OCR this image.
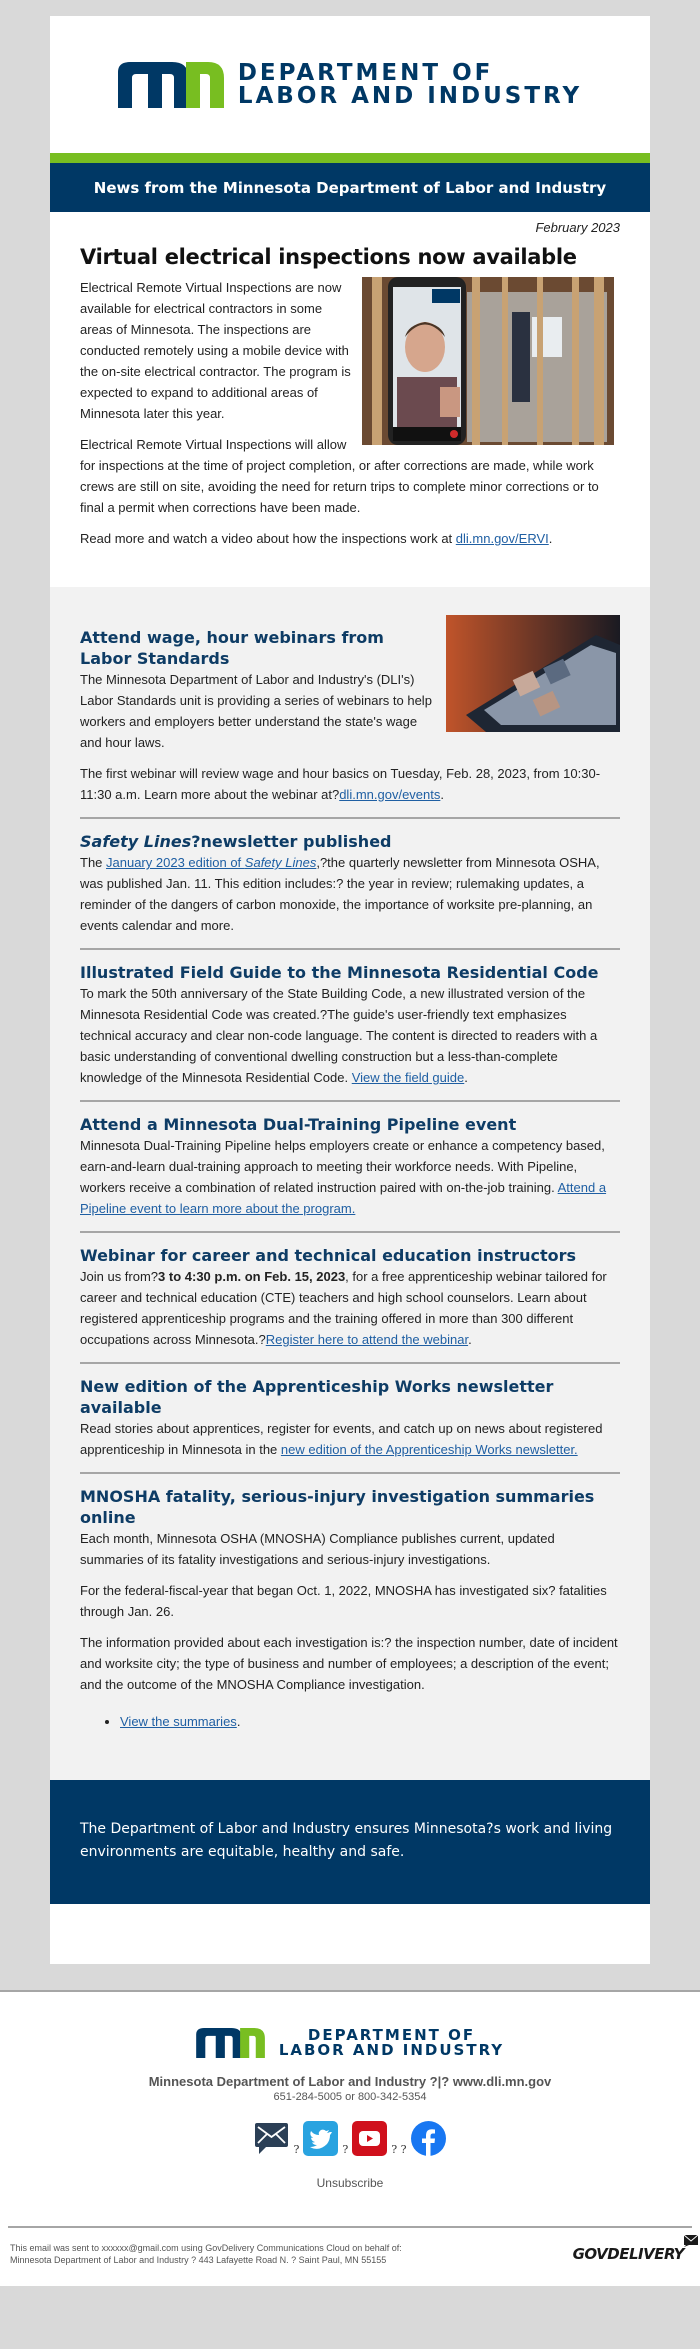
DEPARTMENT OF
LABOR AND INDUSTRY
News from the Minnesota Department of Labor and Industry
February 2023
Virtual electrical inspections now available

Electrical Remote Virtual Inspections are now available for electrical contractors in some areas of Minnesota. The inspections are conducted remotely using a mobile device with the on-site electrical contractor. The program is expected to expand to additional areas of Minnesota later this year.

Electrical Remote Virtual Inspections will allow for inspections at the time of project completion, or after corrections are made, while work crews are still on site, avoiding the need for return trips to complete minor corrections or to final a permit when corrections have been made.

Read more and watch a video about how the inspections work at dli.mn.gov/ERVI.

Attend wage, hour webinars from Labor Standards

The Minnesota Department of Labor and Industry's (DLI's) Labor Standards unit is providing a series of webinars to help workers and employers better understand the state's wage and hour laws.

The first webinar will review wage and hour basics on Tuesday, Feb. 28, 2023, from 10:30-11:30 a.m. Learn more about the webinar at?dli.mn.gov/events.

Safety Lines?newsletter published

The January 2023 edition of Safety Lines,?the quarterly newsletter from Minnesota OSHA, was published Jan. 11. This edition includes:? the year in review; rulemaking updates, a reminder of the dangers of carbon monoxide, the importance of worksite pre-planning, an events calendar and more.

Illustrated Field Guide to the Minnesota Residential Code

To mark the 50th anniversary of the State Building Code, a new illustrated version of the Minnesota Residential Code was created.?The guide's user-friendly text emphasizes technical accuracy and clear non-code language. The content is directed to readers with a basic understanding of conventional dwelling construction but a less-than-complete knowledge of the Minnesota Residential Code. View the field guide.

Attend a Minnesota Dual-Training Pipeline event

Minnesota Dual-Training Pipeline helps employers create or enhance a competency based, earn-and-learn dual-training approach to meeting their workforce needs. With Pipeline, workers receive a combination of related instruction paired with on-the-job training. Attend a Pipeline event to learn more about the program.

Webinar for career and technical education instructors

Join us from?3 to 4:30 p.m. on Feb. 15, 2023, for a free apprenticeship webinar tailored for career and technical education (CTE) teachers and high school counselors. Learn about registered apprenticeship programs and the training offered in more than 300 different occupations across Minnesota.?Register here to attend the webinar.

New edition of the Apprenticeship Works newsletter available

Read stories about apprentices, register for events, and catch up on news about registered apprenticeship in Minnesota in the new edition of the Apprenticeship Works newsletter.

MNOSHA fatality, serious-injury investigation summaries online

Each month, Minnesota OSHA (MNOSHA) Compliance publishes current, updated summaries of its fatality investigations and serious-injury investigations.

For the federal-fiscal-year that began Oct. 1, 2022, MNOSHA has investigated six? fatalities through Jan. 26.

The information provided about each investigation is:? the inspection number, date of incident and worksite city; the type of business and number of employees; a description of the event; and the outcome of the MNOSHA Compliance investigation.

• View the summaries.
The Department of Labor and Industry ensures Minnesota?s work and living environments are equitable, healthy and safe.
DEPARTMENT OF
LABOR AND INDUSTRY
Minnesota Department of Labor and Industry ?|? www.dli.mn.gov
651-284-5005 or 800-342-5354
?	?	? ?
Unsubscribe
This email was sent to xxxxxx@gmail.com using GovDelivery Communications Cloud on behalf of: Minnesota Department of Labor and Industry ? 443 Lafayette Road N. ? Saint Paul, MN 55155	GOVDELIVERY
